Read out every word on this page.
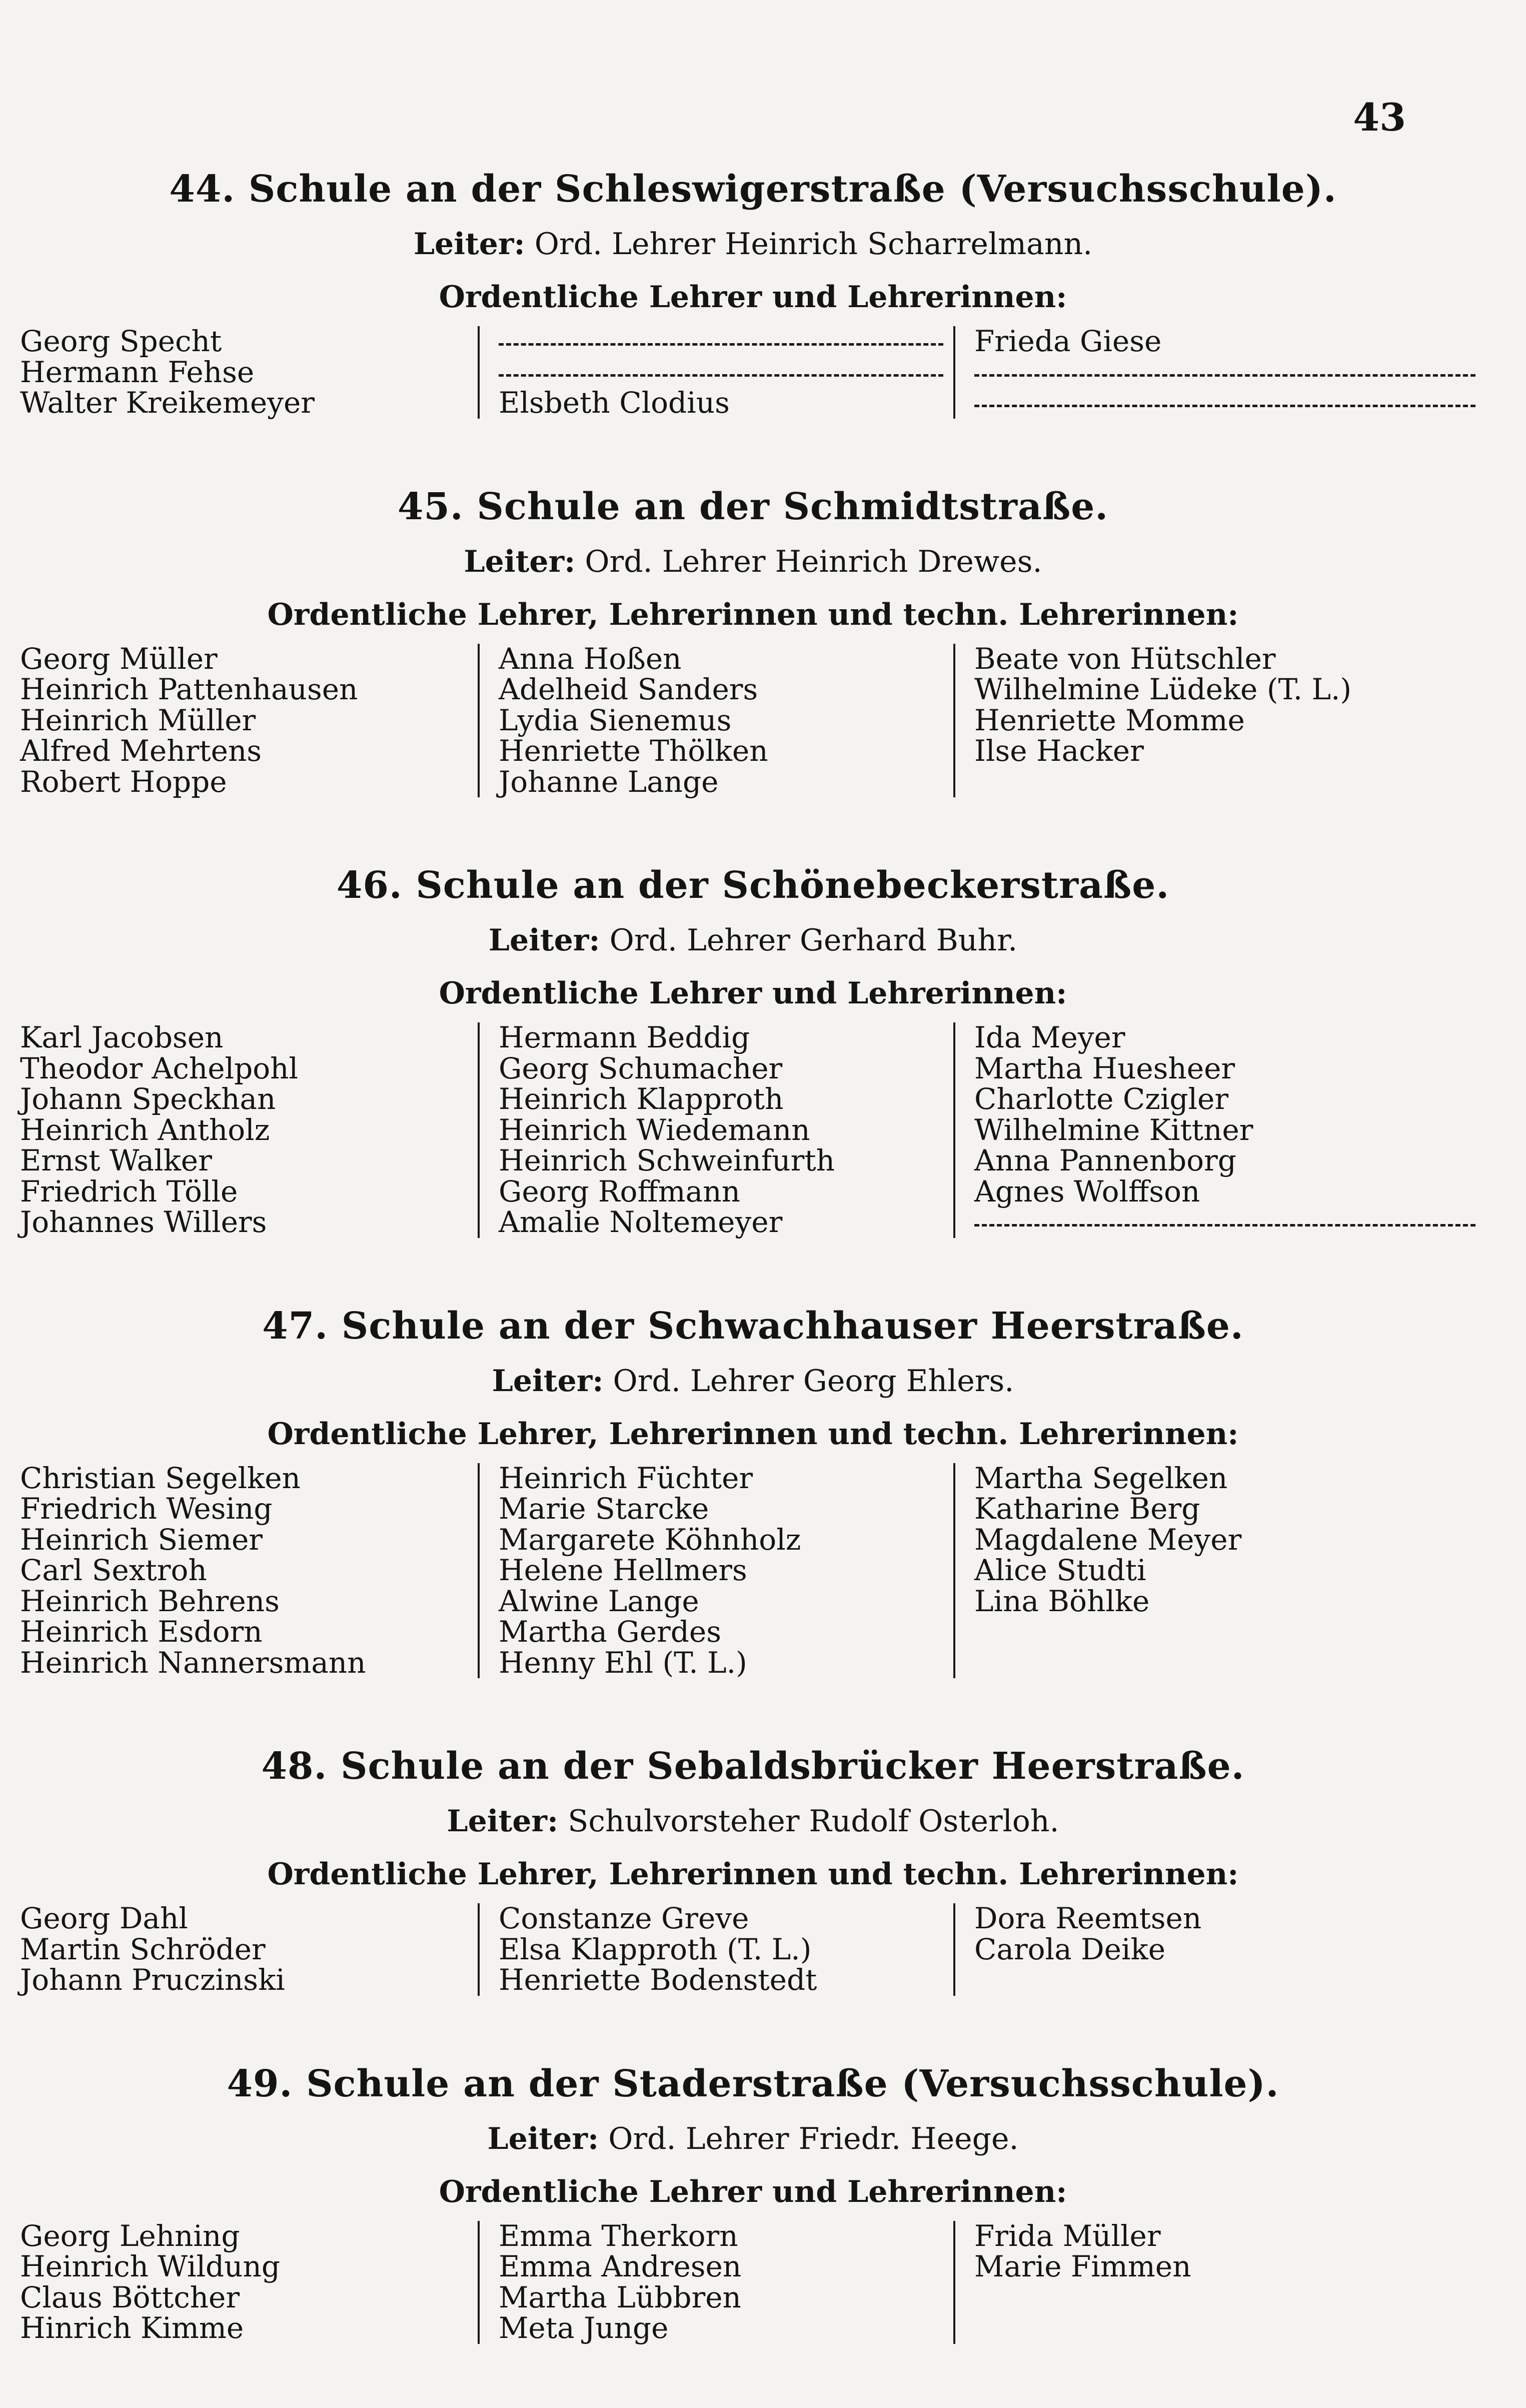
43
44. Schule an der Schleswigerstraße (Versuchsschule).
Leiter: Ord. Lehrer Heinrich Scharrelmann.
Ordentliche Lehrer und Lehrerinnen:
Georg Specht
Hermann Fehse
Walter Kreikemeyer	Elsbeth Clodius
Frieda Giese
45. Schule an der Schmidtstraße.
Leiter: Ord. Lehrer Heinrich Drewes.
Ordentliche Lehrer, Lehrerinnen und techn. Lehrerinnen:
Georg Müller
Heinrich Pattenhausen
Heinrich Müller
Alfred Mehrtens
Robert Hoppe
Anna Hoßen
Adelheid Sanders
Lydia Sienemus
Henriette Thölken
Johanne Lange
Beate von Hütschler
Wilhelmine Lüdeke (T. L.)
Henriette Momme
Ilse Hacker
46. Schule an der Schönebeckerstraße.
Leiter: Ord. Lehrer Gerhard Buhr.
Ordentliche Lehrer und Lehrerinnen:
Karl Jacobsen
Theodor Achelpohl
Johann Speckhan
Heinrich Antholz
Ernst Walker
Friedrich Tölle
Johannes Willers
Hermann Beddig
Georg Schumacher
Heinrich Klapproth
Heinrich Wiedemann
Heinrich Schweinfurth
Georg Roffmann
Amalie Noltemeyer
Ida Meyer
Martha Huesheer
Charlotte Czigler
Wilhelmine Kittner
Anna Pannenborg
Agnes Wolffson
47. Schule an der Schwachhauser Heerstraße.
Leiter: Ord. Lehrer Georg Ehlers.
Ordentliche Lehrer, Lehrerinnen und techn. Lehrerinnen:
Christian Segelken
Friedrich Wesing
Heinrich Siemer
Carl Sextroh
Heinrich Behrens
Heinrich Esdorn
Heinrich Nannersmann
Heinrich Füchter
Marie Starcke
Margarete Köhnholz
Helene Hellmers
Alwine Lange
Martha Gerdes
Henny Ehl (T. L.)
Martha Segelken
Katharine Berg
Magdalene Meyer
Alice Studti
Lina Böhlke
48. Schule an der Sebaldsbrücker Heerstraße.
Leiter: Schulvorsteher Rudolf Osterloh.
Ordentliche Lehrer, Lehrerinnen und techn. Lehrerinnen:
Georg Dahl
Martin Schröder
Johann Pruczinski
Constanze Greve
Elsa Klapproth (T. L.)
Henriette Bodenstedt
Dora Reemtsen
Carola Deike
49. Schule an der Staderstraße (Versuchsschule).
Leiter: Ord. Lehrer Friedr. Heege.
Ordentliche Lehrer und Lehrerinnen:
Georg Lehning
Heinrich Wildung
Claus Böttcher
Hinrich Kimme
Emma Therkorn
Emma Andresen
Martha Lübbren
Meta Junge
Frida Müller
Marie Fimmen
